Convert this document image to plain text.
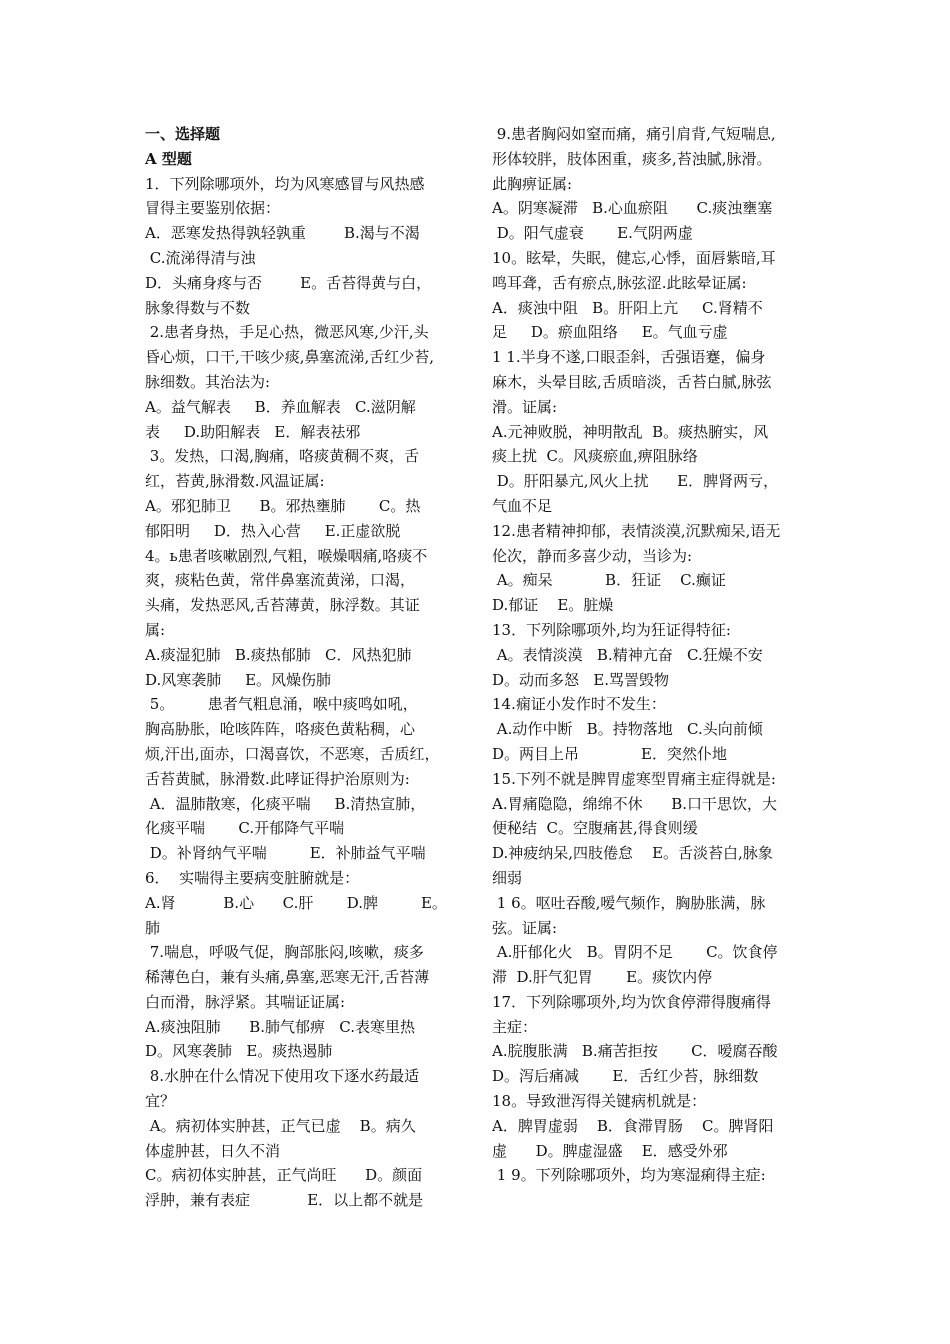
一、选择题
A 型题
1．下列除哪项外，均为风寒感冒与风热感
冒得主要鉴别依据：
A．恶寒发热得孰轻孰重        B.渴与不渴
C.流涕得清与浊
D．头痛身疼与否        E。舌苔得黄与白，
脉象得数与不数
2.患者身热，手足心热，微恶风寒,少汗,头
昏心烦，口干,干咳少痰,鼻塞流涕,舌红少苔,
脉细数。其治法为:
A。益气解表     B．养血解表   C.滋阴解
表     D.助阳解表   E．解表祛邪
3。发热，口渴,胸痛，咯痰黄稠不爽，舌
红，苔黄,脉滑数.风温证属:
A。邪犯肺卫      B。邪热壅肺       C。热
郁阳明     D．热入心营     E.正虚欲脱
4。ь患者咳嗽剧烈,气粗，喉燥咽痛,咯痰不
爽，痰粘色黄，常伴鼻塞流黄涕，口渴，
头痛，发热恶风,舌苔薄黄，脉浮数。其证
属:
A.痰湿犯肺   B.痰热郁肺   C．风热犯肺
D.风寒袭肺     E。风燥伤肺
5。       患者气粗息涌，喉中痰鸣如吼，
胸高胁胀，呛咳阵阵，咯痰色黄粘稠，心
烦,汗出,面赤，口渴喜饮，不恶寒，舌质红，
舌苔黄腻，脉滑数.此哮证得护治原则为:
A．温肺散寒，化痰平喘     B.清热宣肺，
化痰平喘       C.开郁降气平喘
D。补肾纳气平喘         E．补肺益气平喘
6．  实喘得主要病变脏腑就是：
A.肾          B.心      C.肝       D.脾         E。
肺
7.喘息，呼吸气促，胸部胀闷,咳嗽，痰多
稀薄色白，兼有头痛,鼻塞,恶寒无汗,舌苔薄
白而滑，脉浮紧。其喘证证属:
A.痰浊阻肺      B.肺气郁痹   C.表寒里热
D。风寒袭肺   E。痰热遏肺
8.水肿在什么情况下使用攻下逐水药最适
宜？
A。病初体实肿甚，正气已虚    B。病久
体虚肿甚，日久不消
C。病初体实肿甚，正气尚旺      D。颜面
浮肿，兼有表症            E．以上都不就是
9.患者胸闷如窒而痛，痛引肩背,气短喘息,
形体较胖，肢体困重，痰多,苔浊腻,脉滑。
此胸痹证属:
A。阴寒凝滞   B.心血瘀阻      C.痰浊壅塞
D。阳气虚衰       E.气阴两虚
10。眩晕，失眠，健忘,心悸，面唇紫暗,耳
鸣耳聋，舌有瘀点,脉弦涩.此眩晕证属:
A．痰浊中阻   B。肝阳上亢     C.肾精不
足     D。瘀血阻络     E。气血亏虚
1 1.半身不遂,口眼歪斜，舌强语蹇，偏身
麻木，头晕目眩,舌质暗淡，舌苔白腻,脉弦
滑。证属:
A.元神败脱，神明散乱  B。痰热腑实，风
痰上扰  C。风痰瘀血,痹阻脉络
D。肝阳暴亢,风火上扰      E．脾肾两亏，
气血不足
12.患者精神抑郁，表情淡漠,沉默痴呆,语无
伦次，静而多喜少动，当诊为:
A。痴呆           B．狂证    C.癫证
D.郁证    E。脏燥
13．下列除哪项外,均为狂证得特征:
A。表情淡漠   B.精神亢奋   C.狂燥不安
D。动而多怒   E.骂詈毁物
14.痫证小发作时不发生：
A.动作中断   B。持物落地   C.头向前倾
D。两目上吊             E．突然仆地
15.下列不就是脾胃虚寒型胃痛主症得就是:
A.胃痛隐隐，绵绵不休      B.口干思饮，大
便秘结  C。空腹痛甚,得食则缓
D.神疲纳呆,四肢倦怠    E。舌淡苔白,脉象
细弱
1 6。呕吐吞酸,嗳气频作，胸胁胀满，脉
弦。证属:
A.肝郁化火   B。胃阴不足       C。饮食停
滞  D.肝气犯胃       E。痰饮内停
17．下列除哪项外,均为饮食停滞得腹痛得
主症：
A.脘腹胀满   B.痛苦拒按       C．嗳腐吞酸
D。泻后痛减       E．舌红少苔，脉细数
18。导致泄泻得关键病机就是：
A．脾胃虚弱    B．食滞胃肠    C。脾肾阳
虚      D。脾虚湿盛    E．感受外邪
1 9。下列除哪项外，均为寒湿痢得主症:
